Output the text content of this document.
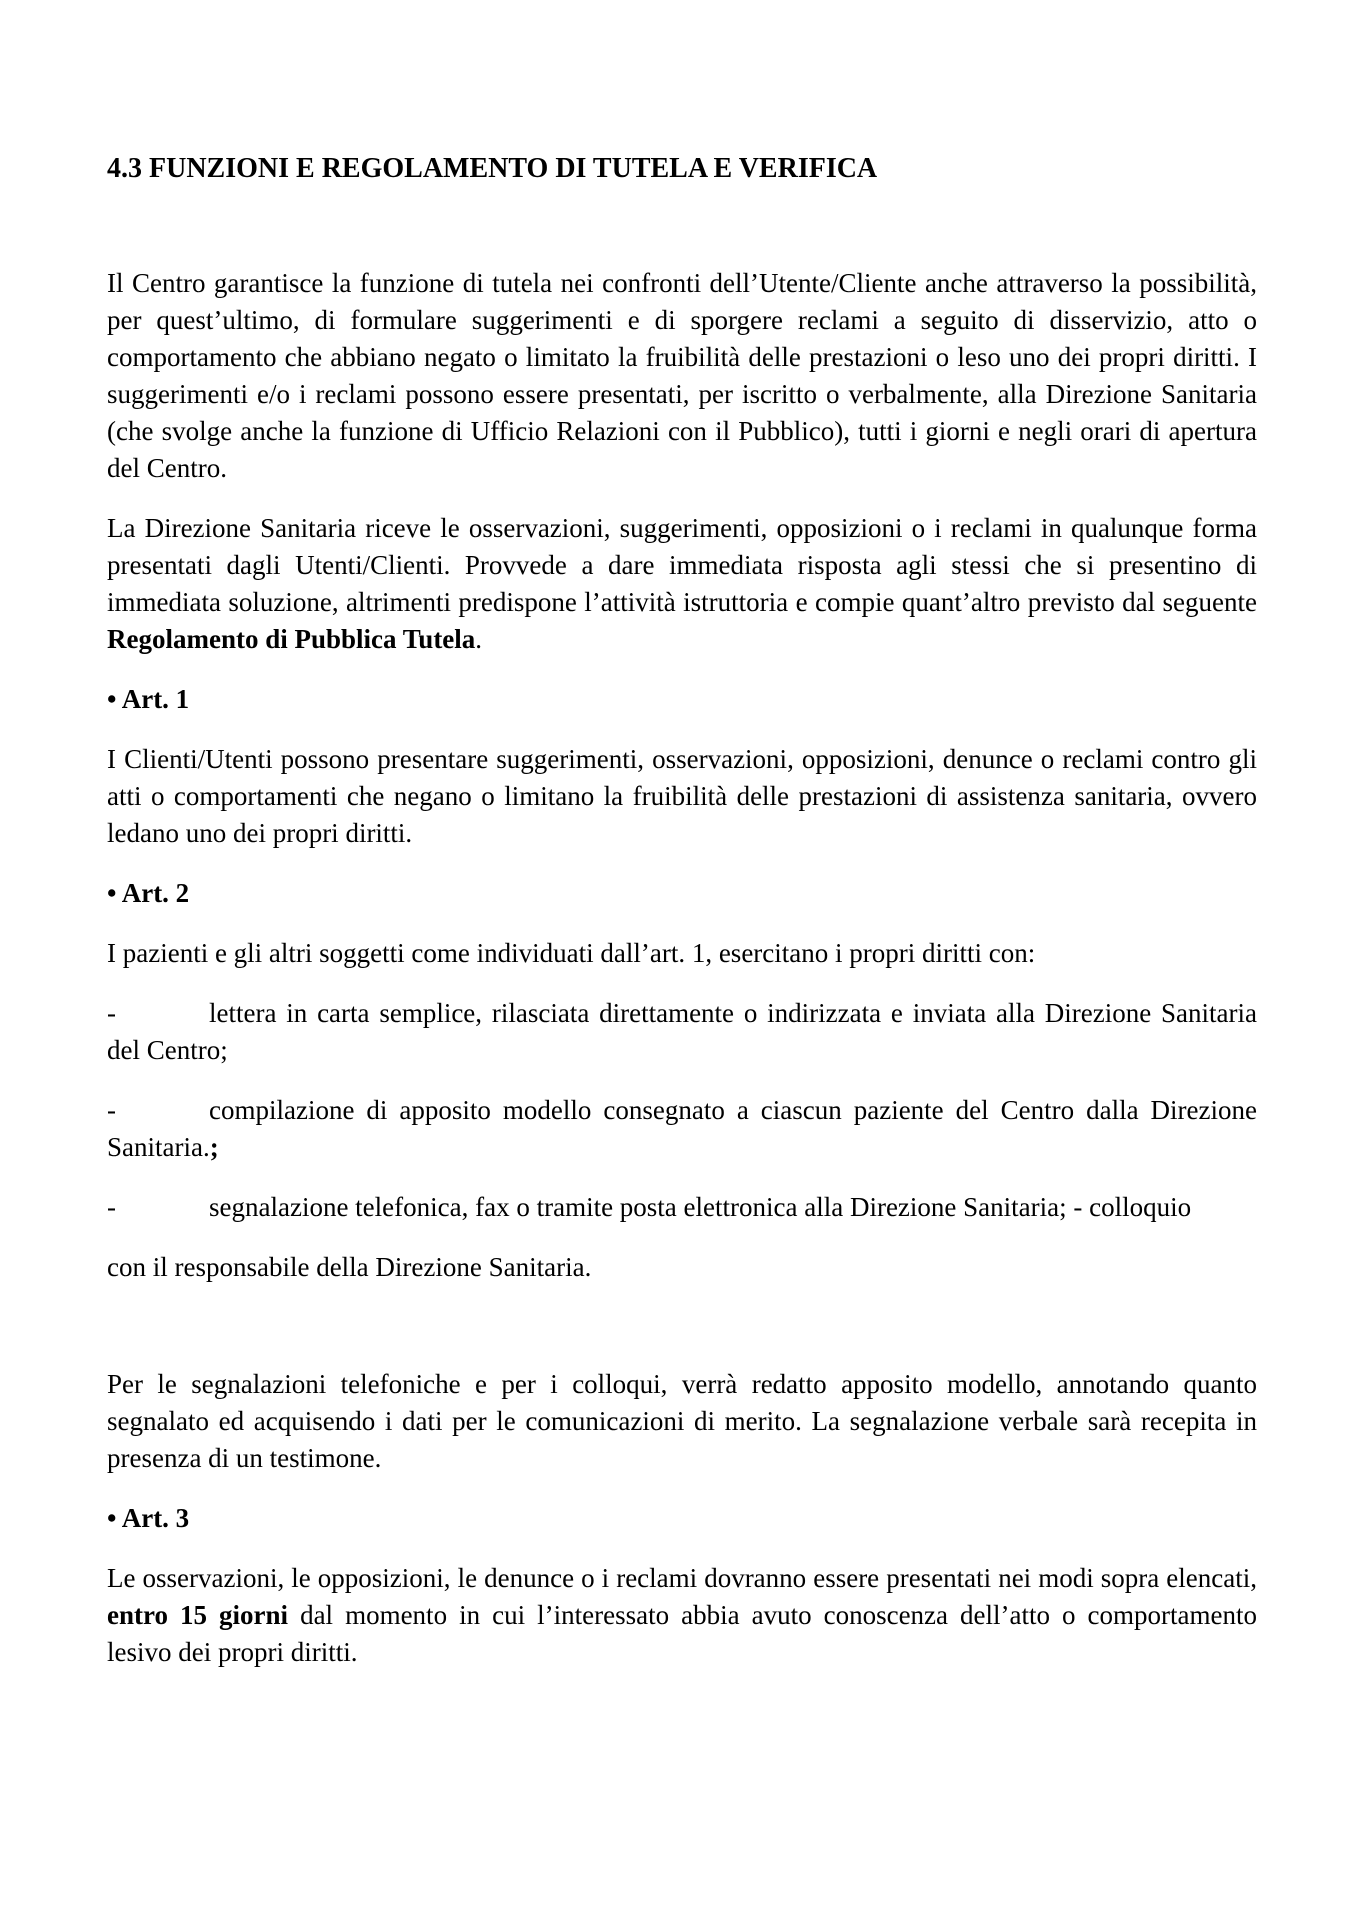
4.3 FUNZIONI E REGOLAMENTO DI TUTELA E VERIFICA

Il Centro garantisce la funzione di tutela nei confronti dell’Utente/Cliente anche attraverso la possibilità, per quest’ultimo, di formulare suggerimenti e di sporgere reclami a seguito di disservizio, atto o comportamento che abbiano negato o limitato la fruibilità delle prestazioni o leso uno dei propri diritti. I suggerimenti e/o i reclami possono essere presentati, per iscritto o verbalmente, alla Direzione Sanitaria (che svolge anche la funzione di Ufficio Relazioni con il Pubblico), tutti i giorni e negli orari di apertura del Centro.

La Direzione Sanitaria riceve le osservazioni, suggerimenti, opposizioni o i reclami in qualunque forma presentati dagli Utenti/Clienti. Provvede a dare immediata risposta agli stessi che si presentino di immediata soluzione, altrimenti predispone l’attività istruttoria e compie quant’altro previsto dal seguente Regolamento di Pubblica Tutela.

• Art. 1

I Clienti/Utenti possono presentare suggerimenti, osservazioni, opposizioni, denunce o reclami contro gli atti o comportamenti che negano o limitano la fruibilità delle prestazioni di assistenza sanitaria, ovvero ledano uno dei propri diritti.

• Art. 2

I pazienti e gli altri soggetti come individuati dall’art. 1, esercitano i propri diritti con:

-	lettera in carta semplice, rilasciata direttamente o indirizzata e inviata alla Direzione Sanitaria del Centro;

-	compilazione di apposito modello consegnato a ciascun paziente del Centro dalla Direzione Sanitaria.;

-	segnalazione telefonica, fax o tramite posta elettronica alla Direzione Sanitaria; - colloquio

con il responsabile della Direzione Sanitaria.

Per le segnalazioni telefoniche e per i colloqui, verrà redatto apposito modello, annotando quanto segnalato ed acquisendo i dati per le comunicazioni di merito. La segnalazione verbale sarà recepita in presenza di un testimone.

• Art. 3

Le osservazioni, le opposizioni, le denunce o i reclami dovranno essere presentati nei modi sopra elencati, entro 15 giorni dal momento in cui l’interessato abbia avuto conoscenza dell’atto o comportamento lesivo dei propri diritti.
